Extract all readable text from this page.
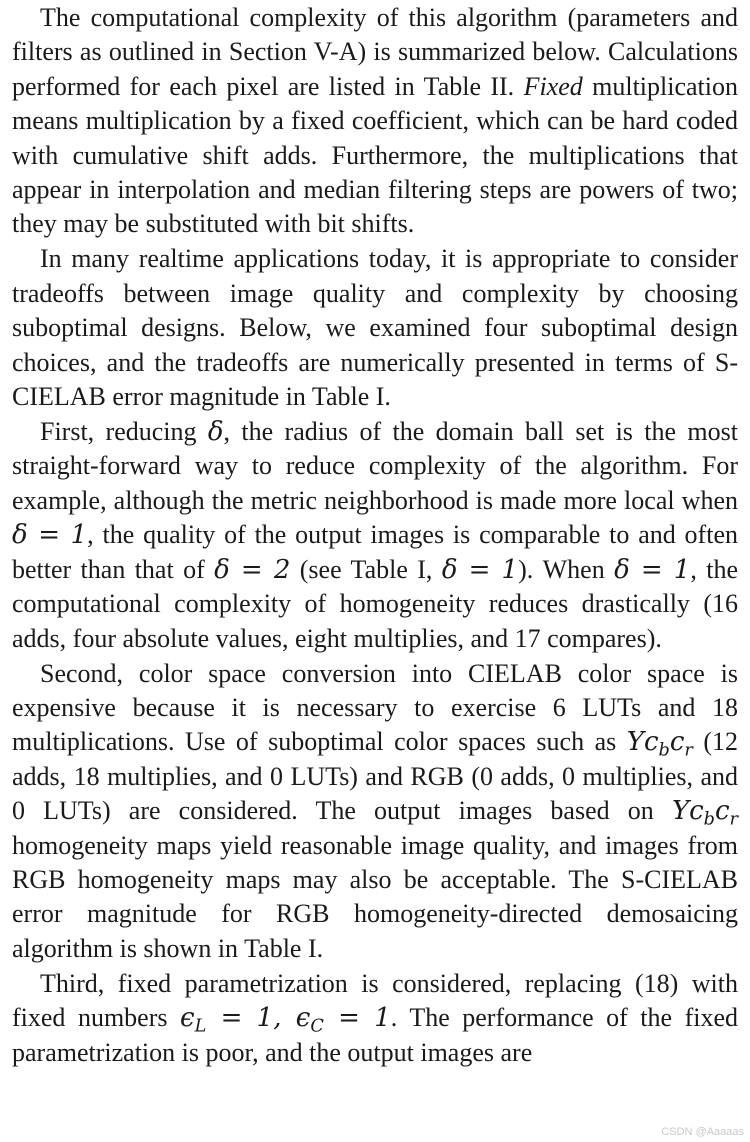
The computational complexity of this algorithm (parameters and filters as outlined in Section V-A) is summarized below. Calculations performed for each pixel are listed in Table II. Fixed multiplication means multiplication by a fixed coefficient, which can be hard coded with cumulative shift adds. Furthermore, the multiplications that appear in interpolation and median filtering steps are powers of two; they may be substituted with bit shifts.

In many realtime applications today, it is appropriate to consider tradeoffs between image quality and complexity by choosing suboptimal designs. Below, we examined four suboptimal design choices, and the tradeoffs are numerically presented in terms of S-CIELAB error magnitude in Table I.

First, reducing δ, the radius of the domain ball set is the most straight-forward way to reduce complexity of the algorithm. For example, although the metric neighborhood is made more local when δ = 1, the quality of the output images is comparable to and often better than that of δ = 2 (see Table I, δ = 1). When δ = 1, the computational complexity of homogeneity reduces drastically (16 adds, four absolute values, eight multiplies, and 17 compares).

Second, color space conversion into CIELAB color space is expensive because it is necessary to exercise 6 LUTs and 18 multiplications. Use of suboptimal color spaces such as $Yc_bc_r$ (12 adds, 18 multiplies, and 0 LUTs) and RGB (0 adds, 0 multiplies, and 0 LUTs) are considered. The output images based on $Yc_bc_r$ homogeneity maps yield reasonable image quality, and images from RGB homogeneity maps may also be acceptable. The S-CIELAB error magnitude for RGB homogeneity-directed demosaicing algorithm is shown in Table I.

Third, fixed parametrization is considered, replacing (18) with fixed numbers $\epsilon_L = 1$, $\epsilon_C = 1$. The performance of the fixed parametrization is poor, and the output images are

CSDN @Aaaaas
